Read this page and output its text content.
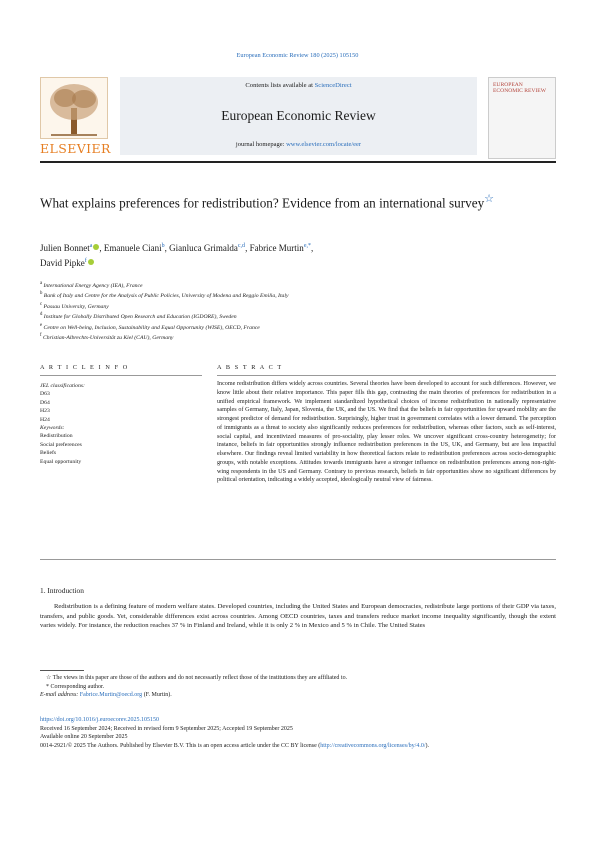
European Economic Review 180 (2025) 105150
ELSEVIER
Contents lists available at ScienceDirect
European Economic Review
journal homepage: www.elsevier.com/locate/eer
EUROPEAN ECONOMIC REVIEW
What explains preferences for redistribution? Evidence from an international survey☆
Julien Bonnet$^a$ , Emanuele Ciani$^b$, Gianluca Grimalda$^{c,d}$, Fabrice Murtin$^{e,*}$,
David Pipke$^f$
$^a$ International Energy Agency (IEA), France
$^b$ Bank of Italy and Centre for the Analysis of Public Policies, University of Modena and Reggio Emilia, Italy
$^c$ Passau University, Germany
$^d$ Institute for Globally Distributed Open Research and Education (IGDORE), Sweden
$^e$ Centre on Well-being, Inclusion, Sustainability and Equal Opportunity (WISE), OECD, France
$^f$ Christian-Albrechts-Universität zu Kiel (CAU), Germany
A R T I C L E I N F O	A B S T R A C T
JEL classifications:
D63
D64
H23
H24
Keywords:
Redistribution
Social preferences
Beliefs
Equal opportunity
Income redistribution differs widely across countries. Several theories have been developed to account for such differences. However, we know little about their relative importance. This paper fills this gap, contrasting the main theories of preferences for redistribution in a unified empirical framework. We implement standardized hypothetical choices of income redistribution in nationally representative samples of Germany, Italy, Japan, Slovenia, the UK, and the US. We find that the beliefs in fair opportunities for upward mobility are the strongest predictor of demand for redistribution. Surprisingly, higher trust in government correlates with a lower demand. The perception of immigrants as a threat to society also significantly reduces preferences for redistribution, whereas other factors, such as self-interest, social capital, and incentivized measures of pro-sociality, play lesser roles. We uncover significant cross-country heterogeneity; for instance, beliefs in fair opportunities strongly influence redistribution preferences in the US, UK, and Germany, but are less impactful elsewhere. Our findings reveal limited variability in how theoretical factors relate to redistribution preferences across socio-demographic groups, with notable exceptions. Attitudes towards immigrants have a stronger influence on redistribution preferences among non-right-wing respondents in the US and Germany. Contrary to previous research, beliefs in fair opportunities show no significant differences by political orientation, indicating a widely accepted, ideologically neutral view of fairness.
1. Introduction
Redistribution is a defining feature of modern welfare states. Developed countries, including the United States and European democracies, redistribute large portions of their GDP via taxes, transfers, and public goods. Yet, considerable differences exist across countries. Among OECD countries, taxes and transfers reduce market income inequality significantly, though the extent varies widely. For instance, the reduction reaches 37 % in Finland and Ireland, while it is only 2 % in Mexico and 5 % in Chile. The United States
☆ The views in this paper are those of the authors and do not necessarily reflect those of the institutions they are affiliated to.
* Corresponding author.
E-mail address: Fabrice.Murtin@oecd.org (F. Murtin).
https://doi.org/10.1016/j.euroecorev.2025.105150
Received 16 September 2024; Received in revised form 9 September 2025; Accepted 19 September 2025
Available online 20 September 2025
0014-2921/© 2025 The Authors. Published by Elsevier B.V. This is an open access article under the CC BY license (http://creativecommons.org/licenses/by/4.0/).
